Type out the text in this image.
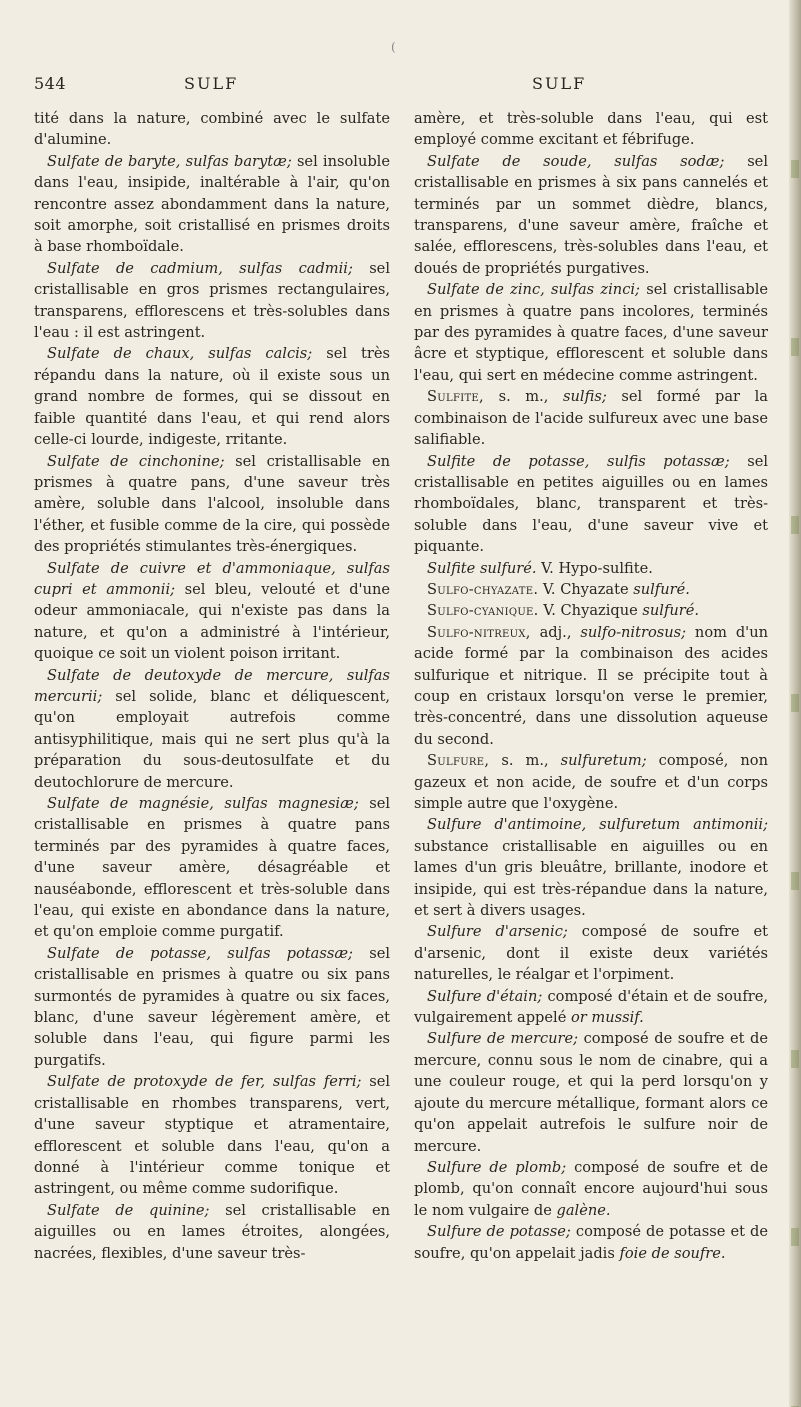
(
544	SULF	SULF

tité dans la nature, combiné avec le sulfate d'alumine.

Sulfate de baryte, sulfas barytæ; sel insoluble dans l'eau, insipide, inaltérable à l'air, qu'on rencontre assez abondamment dans la nature, soit amorphe, soit cristallisé en prismes droits à base rhomboïdale.

Sulfate de cadmium, sulfas cadmii; sel cristallisable en gros prismes rectangulaires, transparens, efflorescens et très-solubles dans l'eau : il est astringent.

Sulfate de chaux, sulfas calcis; sel très répandu dans la nature, où il existe sous un grand nombre de formes, qui se dissout en faible quantité dans l'eau, et qui rend alors celle-ci lourde, indigeste, rritante.

Sulfate de cinchonine; sel cristallisable en prismes à quatre pans, d'une saveur très amère, soluble dans l'alcool, insoluble dans l'éther, et fusible comme de la cire, qui possède des propriétés stimulantes très-énergiques.

Sulfate de cuivre et d'ammoniaque, sulfas cupri et ammonii; sel bleu, velouté et d'une odeur ammoniacale, qui n'existe pas dans la nature, et qu'on a administré à l'intérieur, quoique ce soit un violent poison irritant.

Sulfate de deutoxyde de mercure, sulfas mercurii; sel solide, blanc et déliquescent, qu'on employait autrefois comme antisyphilitique, mais qui ne sert plus qu'à la préparation du sous-deutosulfate et du deutochlorure de mercure.

Sulfate de magnésie, sulfas magnesiæ; sel cristallisable en prismes à quatre pans terminés par des pyramides à quatre faces, d'une saveur amère, désagréable et nauséabonde, efflorescent et très-soluble dans l'eau, qui existe en abondance dans la nature, et qu'on emploie comme purgatif.

Sulfate de potasse, sulfas potassæ; sel cristallisable en prismes à quatre ou six pans surmontés de pyramides à quatre ou six faces, blanc, d'une saveur légèrement amère, et soluble dans l'eau, qui figure parmi les purgatifs.

Sulfate de protoxyde de fer, sulfas ferri; sel cristallisable en rhombes transparens, vert, d'une saveur styptique et atramentaire, efflorescent et soluble dans l'eau, qu'on a donné à l'intérieur comme tonique et astringent, ou même comme sudorifique.

Sulfate de quinine; sel cristallisable en aiguilles ou en lames étroites, alongées, nacrées, flexibles, d'une saveur très-

amère, et très-soluble dans l'eau, qui est employé comme excitant et fébrifuge.

Sulfate de soude, sulfas sodæ; sel cristallisable en prismes à six pans cannelés et terminés par un sommet dièdre, blancs, transparens, d'une saveur amère, fraîche et salée, efflorescens, très-solubles dans l'eau, et doués de propriétés purgatives.

Sulfate de zinc, sulfas zinci; sel cristallisable en prismes à quatre pans incolores, terminés par des pyramides à quatre faces, d'une saveur âcre et styptique, efflorescent et soluble dans l'eau, qui sert en médecine comme astringent.

Sulfite, s. m., sulfis; sel formé par la combinaison de l'acide sulfureux avec une base salifiable.

Sulfite de potasse, sulfis potassæ; sel cristallisable en petites aiguilles ou en lames rhomboïdales, blanc, transparent et très-soluble dans l'eau, d'une saveur vive et piquante.

Sulfite sulfuré. V. Hypo-sulfite.

Sulfo-chyazate. V. Chyazate sulfuré.

Sulfo-cyanique. V. Chyazique sulfuré.

Sulfo-nitreux, adj., sulfo-nitrosus; nom d'un acide formé par la combinaison des acides sulfurique et nitrique. Il se précipite tout à coup en cristaux lorsqu'on verse le premier, très-concentré, dans une dissolution aqueuse du second.

Sulfure, s. m., sulfuretum; composé, non gazeux et non acide, de soufre et d'un corps simple autre que l'oxygène.

Sulfure d'antimoine, sulfuretum antimonii; substance cristallisable en aiguilles ou en lames d'un gris bleuâtre, brillante, inodore et insipide, qui est très-répandue dans la nature, et sert à divers usages.

Sulfure d'arsenic; composé de soufre et d'arsenic, dont il existe deux variétés naturelles, le réalgar et l'orpiment.

Sulfure d'étain; composé d'étain et de soufre, vulgairement appelé or mussif.

Sulfure de mercure; composé de soufre et de mercure, connu sous le nom de cinabre, qui a une couleur rouge, et qui la perd lorsqu'on y ajoute du mercure métallique, formant alors ce qu'on appelait autrefois le sulfure noir de mercure.

Sulfure de plomb; composé de soufre et de plomb, qu'on connaît encore aujourd'hui sous le nom vulgaire de galène.

Sulfure de potasse; composé de potasse et de soufre, qu'on appelait jadis foie de soufre.
